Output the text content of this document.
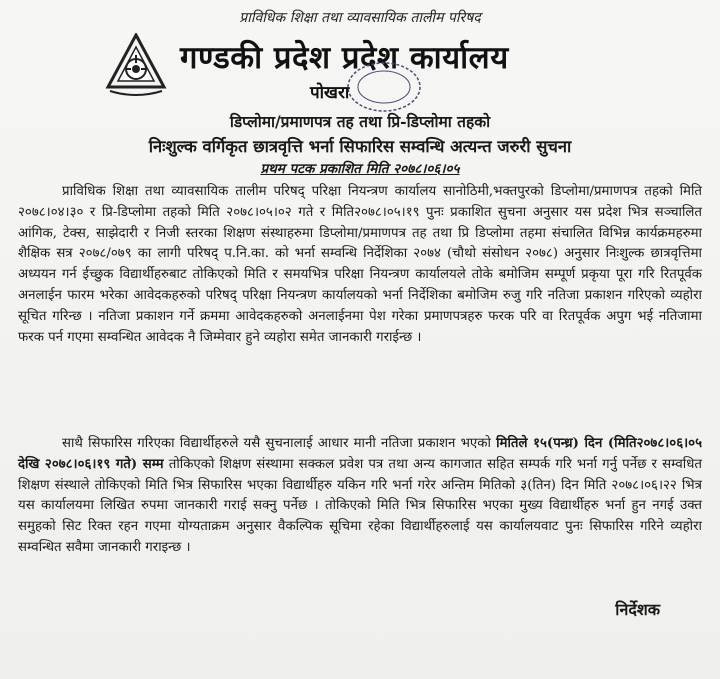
प्राविधिक शिक्षा तथा व्यावसायिक तालीम परिषद
गण्डकी प्रदेश प्रदेश कार्यालय
पोखरा
डिप्लोमा/प्रमाणपत्र तह तथा प्रि-डिप्लोमा तहको
निःशुल्क वर्गिकृत छात्रवृत्ति भर्ना सिफारिस सम्वन्धि अत्यन्त जरुरी सुचना
प्रथम पटक प्रकाशित मिति २०७८।०६।०५

प्राविधिक शिक्षा तथा व्यावसायिक तालीम परिषद् परिक्षा नियन्त्रण कार्यालय सानोठिमी,भक्तपुरको डिप्लोमा/प्रमाणपत्र तहको मिति २०७८।०४।३० र प्रि-डिप्लोमा तहको मिति २०७८।०५।०२ गते र मिति२०७८।०५।१९ पुनः प्रकाशित सुचना अनुसार यस प्रदेश भित्र सञ्चालित आंगिक, टेक्स, साझेदारी र निजी स्तरका शिक्षण संस्थाहरुमा डिप्लोमा/प्रमाणपत्र तह तथा प्रि डिप्लोमा तहमा संचालित विभिन्न कार्यक्रमहरुमा शैक्षिक सत्र २०७८/०७९ का लागी परिषद् प.नि.का. को भर्ना सम्वन्धि निर्देशिका २०७४ (चौथो संसोधन २०७८) अनुसार निःशुल्क छात्रवृत्तिमा अध्ययन गर्न ईच्छुक विद्यार्थीहरुबाट तोकिएको मिति र समयभित्र परिक्षा नियन्त्रण कार्यालयले तोके बमोजिम सम्पूर्ण प्रकृया पूरा गरि रितपूर्वक अनलाईन फारम भरेका आवेदकहरुको परिषद् परिक्षा नियन्त्रण कार्यालयको भर्ना निर्देशिका बमोजिम रुजु गरि नतिजा प्रकाशन गरिएको व्यहोरा सूचित गरिन्छ । नतिजा प्रकाशन गर्ने क्रममा आवेदकहरुको अनलाईनमा पेश गरेका प्रमाणपत्रहरु फरक परि वा रितपूर्वक अपुग भई नतिजामा फरक पर्न गएमा सम्वन्धित आवेदक नै जिम्मेवार हुने व्यहोरा समेत जानकारी गराईन्छ ।

साथै सिफारिस गरिएका विद्यार्थीहरुले यसै सुचनालाई आधार मानी नतिजा प्रकाशन भएको मितिले १५(पन्ध्र) दिन (मिति२०७८।०६।०५ देखि २०७८।०६।१९ गते) सम्म तोकिएको शिक्षण संस्थामा सक्कल प्रवेश पत्र तथा अन्य कागजात सहित सम्पर्क गरि भर्ना गर्नु पर्नेछ र सम्वधित शिक्षण संस्थाले तोकिएको मिति भित्र सिफारिस भएका विद्यार्थीहरु यकिन गरि भर्ना गरेर अन्तिम मितिको ३(तिन) दिन मिति २०७८।०६।२२ भित्र यस कार्यालयमा लिखित रुपमा जानकारी गराई सक्नु पर्नेछ । तोकिएको मिति भित्र सिफारिस भएका मुख्य विद्यार्थीहरु भर्ना हुन नगई उक्त समुहको सिट रिक्त रहन गएमा योग्यताक्रम अनुसार वैकल्पिक सूचिमा रहेका विद्यार्थीहरुलाई यस कार्यालयवाट पुनः सिफारिस गरिने व्यहोरा सम्वन्धित सवैमा जानकारी गराइन्छ ।

निर्देशक
